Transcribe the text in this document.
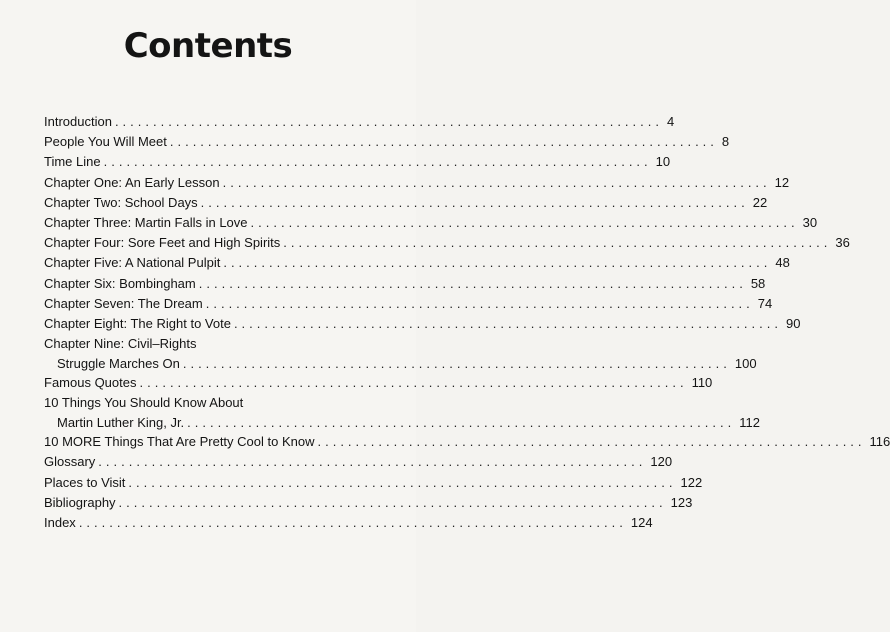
Contents
Introduction ........................................................................ 4
People You Will Meet ........................................................................ 8
Time Line ........................................................................ 10
Chapter One: An Early Lesson ........................................................................ 12
Chapter Two: School Days ........................................................................ 22
Chapter Three: Martin Falls in Love ........................................................................ 30
Chapter Four: Sore Feet and High Spirits ........................................................................ 36
Chapter Five: A National Pulpit ........................................................................ 48
Chapter Six: Bombingham ........................................................................ 58
Chapter Seven: The Dream ........................................................................ 74
Chapter Eight: The Right to Vote ........................................................................ 90
Chapter Nine: Civil–Rights
Struggle Marches On ........................................................................ 100
Famous Quotes ........................................................................ 110
10 Things You Should Know About
Martin Luther King, Jr. ........................................................................ 112
10 MORE Things That Are Pretty Cool to Know ........................................................................ 116
Glossary ........................................................................ 120
Places to Visit ........................................................................ 122
Bibliography ........................................................................ 123
Index ........................................................................ 124
